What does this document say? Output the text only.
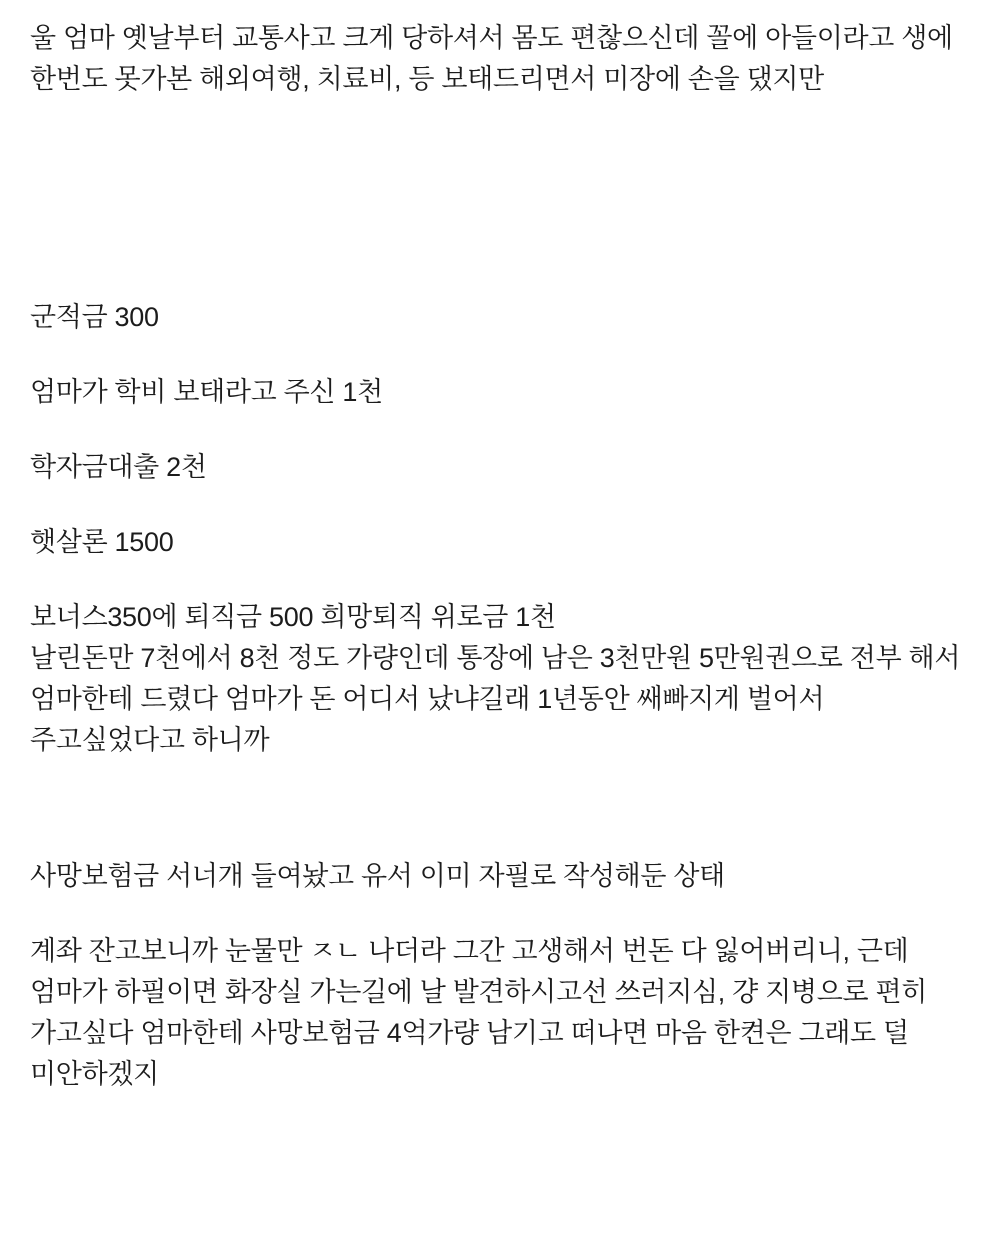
울 엄마 옛날부터 교통사고 크게 당하셔서 몸도 편찮으신데 꼴에 아들이라고 생에 한번도 못가본 해외여행, 치료비, 등 보태드리면서 미장에 손을 댔지만
군적금 300
엄마가 학비 보태라고 주신 1천
학자금대출 2천
햇살론 1500
보너스350에 퇴직금 500 희망퇴직 위로금 1천
날린돈만 7천에서 8천 정도 가량인데 통장에 남은 3천만원 5만원권으로 전부 해서 엄마한테 드렸다 엄마가 돈 어디서 났냐길래 1년동안 쌔빠지게 벌어서 주고싶었다고 하니까
사망보험금 서너개 들여놨고 유서 이미 자필로 작성해둔 상태
계좌 잔고보니까 눈물만 ㅈㄴ 나더라 그간 고생해서 번돈 다 잃어버리니, 근데 엄마가 하필이면 화장실 가는길에 날 발견하시고선 쓰러지심, 걍 지병으로 편히 가고싶다 엄마한테 사망보험금 4억가량 남기고 떠나면 마음 한켠은 그래도 덜 미안하겠지
